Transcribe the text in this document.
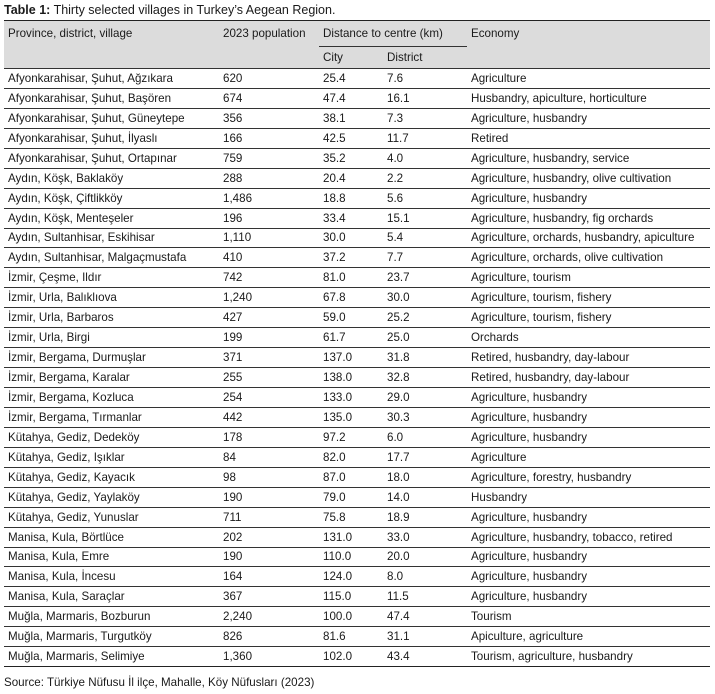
Table 1: Thirty selected villages in Turkey’s Aegean Region.
Province, district, village	2023 population	Distance to centre (km)		Economy
		City	District	
Afyonkarahisar, Şuhut, Ağzıkara	620	25.4	7.6	Agriculture
Afyonkarahisar, Şuhut, Başören	674	47.4	16.1	Husbandry, apiculture, horticulture
Afyonkarahisar, Şuhut, Güneytepe	356	38.1	7.3	Agriculture, husbandry
Afyonkarahisar, Şuhut, İlyaslı	166	42.5	11.7	Retired
Afyonkarahisar, Şuhut, Ortapınar	759	35.2	4.0	Agriculture, husbandry, service
Aydın, Köşk, Baklaköy	288	20.4	2.2	Agriculture, husbandry, olive cultivation
Aydın, Köşk, Çiftlikköy	1,486	18.8	5.6	Agriculture, husbandry
Aydın, Köşk, Menteşeler	196	33.4	15.1	Agriculture, husbandry, fig orchards
Aydın, Sultanhisar, Eskihisar	1,110	30.0	5.4	Agriculture, orchards, husbandry, apiculture
Aydın, Sultanhisar, Malgaçmustafa	410	37.2	7.7	Agriculture, orchards, olive cultivation
İzmir, Çeşme, Ildır	742	81.0	23.7	Agriculture, tourism
İzmir, Urla, Balıklıova	1,240	67.8	30.0	Agriculture, tourism, fishery
İzmir, Urla, Barbaros	427	59.0	25.2	Agriculture, tourism, fishery
İzmir, Urla, Birgi	199	61.7	25.0	Orchards
İzmir, Bergama, Durmuşlar	371	137.0	31.8	Retired, husbandry, day-labour
İzmir, Bergama, Karalar	255	138.0	32.8	Retired, husbandry, day-labour
İzmir, Bergama, Kozluca	254	133.0	29.0	Agriculture, husbandry
İzmir, Bergama, Tırmanlar	442	135.0	30.3	Agriculture, husbandry
Kütahya, Gediz, Dedeköy	178	97.2	6.0	Agriculture, husbandry
Kütahya, Gediz, Işıklar	84	82.0	17.7	Agriculture
Kütahya, Gediz, Kayacık	98	87.0	18.0	Agriculture, forestry, husbandry
Kütahya, Gediz, Yaylaköy	190	79.0	14.0	Husbandry
Kütahya, Gediz, Yunuslar	711	75.8	18.9	Agriculture, husbandry
Manisa, Kula, Börtlüce	202	131.0	33.0	Agriculture, husbandry, tobacco, retired
Manisa, Kula, Emre	190	110.0	20.0	Agriculture, husbandry
Manisa, Kula, İncesu	164	124.0	8.0	Agriculture, husbandry
Manisa, Kula, Saraçlar	367	115.0	11.5	Agriculture, husbandry
Muğla, Marmaris, Bozburun	2,240	100.0	47.4	Tourism
Muğla, Marmaris, Turgutköy	826	81.6	31.1	Apiculture, agriculture
Muğla, Marmaris, Selimiye	1,360	102.0	43.4	Tourism, agriculture, husbandry
Source: Türkiye Nüfusu İl ilçe, Mahalle, Köy Nüfusları (2023)
